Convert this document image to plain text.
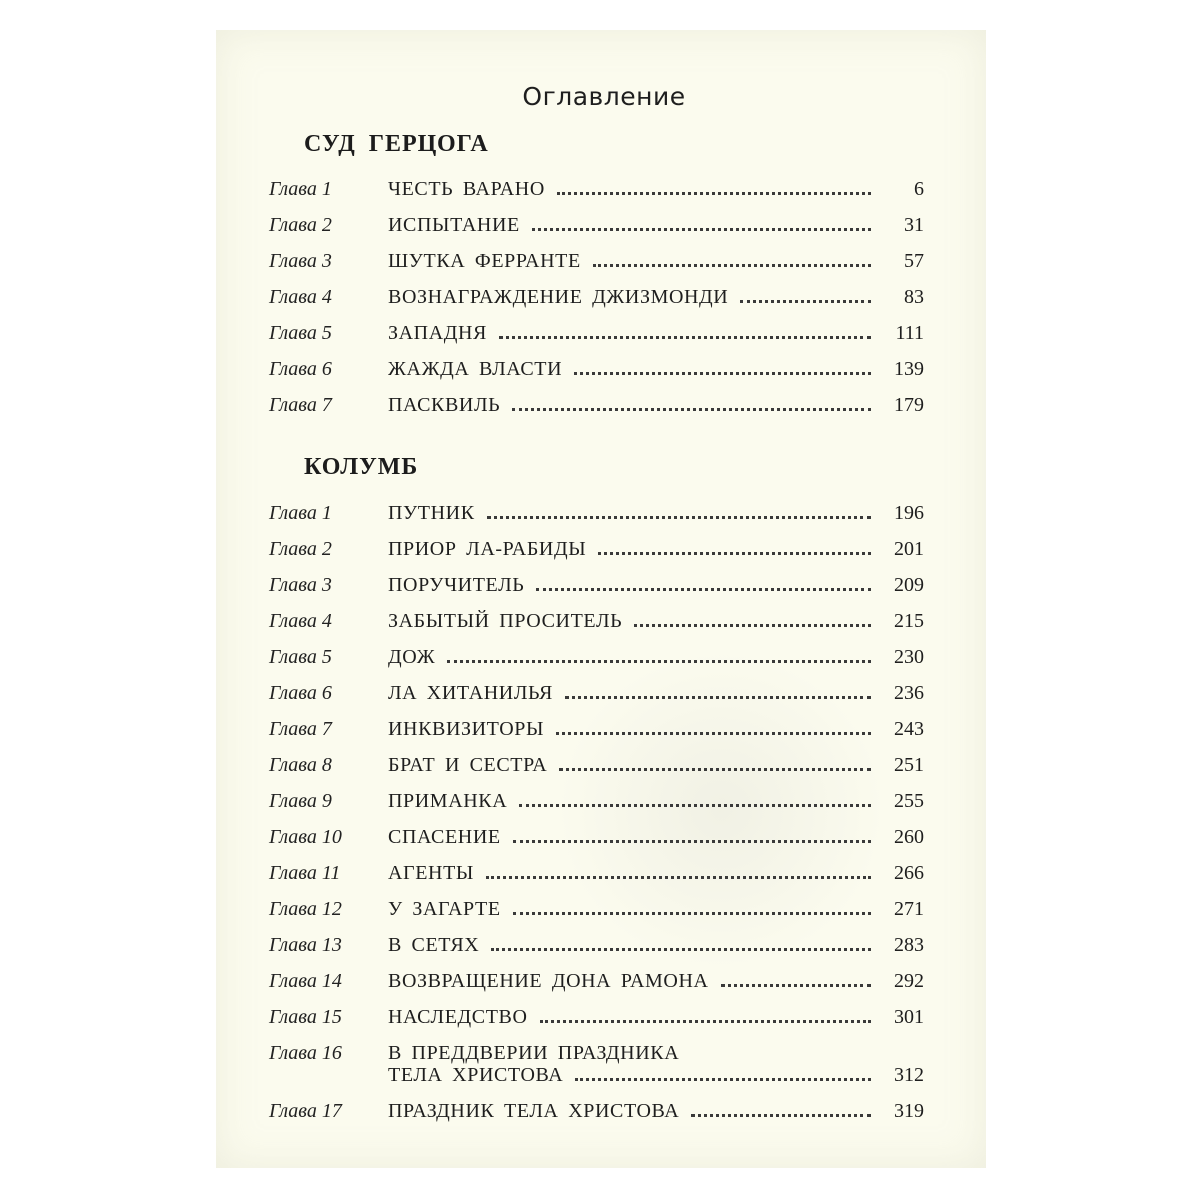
Оглавление
СУД ГЕРЦОГА
Глава 1	ЧЕСТЬ ВАРАНО	6
Глава 2	ИСПЫТАНИЕ	31
Глава 3	ШУТКА ФЕРРАНТЕ	57
Глава 4	ВОЗНАГРАЖДЕНИЕ ДЖИЗМОНДИ	83
Глава 5	ЗАПАДНЯ	111
Глава 6	ЖАЖДА ВЛАСТИ	139
Глава 7	ПАСКВИЛЬ	179
КОЛУМБ
Глава 1	ПУТНИК	196
Глава 2	ПРИОР ЛА-РАБИДЫ	201
Глава 3	ПОРУЧИТЕЛЬ	209
Глава 4	ЗАБЫТЫЙ ПРОСИТЕЛЬ	215
Глава 5	ДОЖ	230
Глава 6	ЛА ХИТАНИЛЬЯ	236
Глава 7	ИНКВИЗИТОРЫ	243
Глава 8	БРАТ И СЕСТРА	251
Глава 9	ПРИМАНКА	255
Глава 10 СПАСЕНИЕ	260
Глава 11 АГЕНТЫ	266
Глава 12 У ЗАГАРТЕ	271
Глава 13 В СЕТЯХ	283
Глава 14 ВОЗВРАЩЕНИЕ ДОНА РАМОНА	292
Глава 15 НАСЛЕДСТВО	301
Глава 16 В ПРЕДДВЕРИИ ПРАЗДНИКА
ТЕЛА ХРИСТОВА	312
Глава 17 ПРАЗДНИК ТЕЛА ХРИСТОВА	319
